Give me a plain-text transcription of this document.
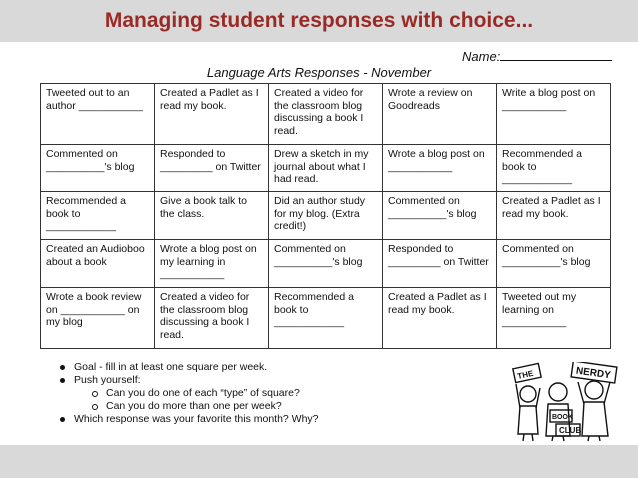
Managing student responses with choice...
Name:
Language Arts Responses - November
Tweeted out to an author ___________	Created a Padlet as I read my book.	Created a video for the classroom blog discussing a book I read.	Wrote a review on Goodreads	Write a blog post on ___________
Commented on __________'s blog	Responded to _________ on Twitter	Drew a sketch in my journal about what I had read.	Wrote a blog post on ___________	Recommended a book to ____________
Recommended a book to ____________	Give a book talk to the class.	Did an author study for my blog. (Extra credit!)	Commented on __________'s blog	Created a Padlet as I read my book.
Created an Audioboo about a book	Wrote a blog post on my learning in ___________	Commented on __________'s blog	Responded to _________ on Twitter	Commented on __________'s blog
Wrote a book review on ___________ on my blog	Created a video for the classroom blog discussing a book I read.	Recommended a book to ____________	Created a Padlet as I read my book.	Tweeted out my learning on ___________
Goal - fill in at least one square per week.
Push yourself:
Can you do one of each “type” of square?
Can you do more than one per week?
Which response was your favorite this month? Why?
THE	NERDY
BOOK
CLUB
